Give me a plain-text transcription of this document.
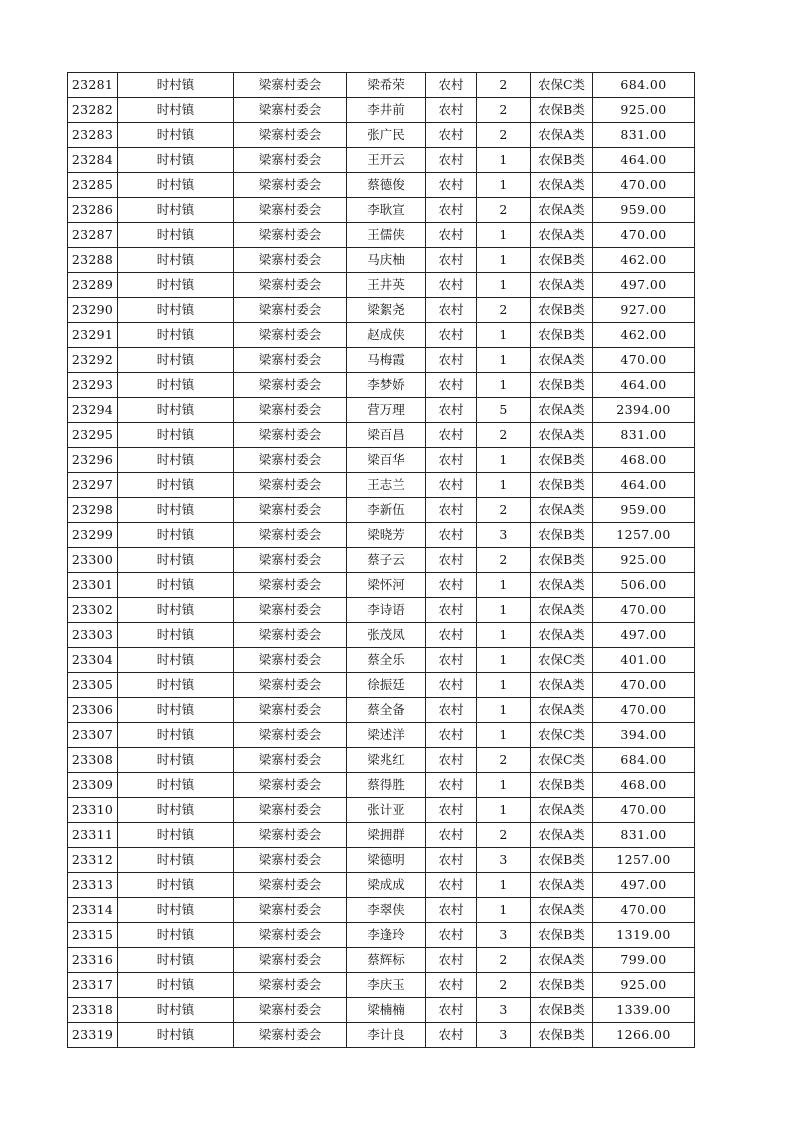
23281	时村镇	梁寨村委会	梁希荣	农村	2	农保C类	684.00
23282	时村镇	梁寨村委会	李井前	农村	2	农保B类	925.00
23283	时村镇	梁寨村委会	张广民	农村	2	农保A类	831.00
23284	时村镇	梁寨村委会	王开云	农村	1	农保B类	464.00
23285	时村镇	梁寨村委会	蔡德俊	农村	1	农保A类	470.00
23286	时村镇	梁寨村委会	李耿宣	农村	2	农保A类	959.00
23287	时村镇	梁寨村委会	王儒侠	农村	1	农保A类	470.00
23288	时村镇	梁寨村委会	马庆柚	农村	1	农保B类	462.00
23289	时村镇	梁寨村委会	王井英	农村	1	农保A类	497.00
23290	时村镇	梁寨村委会	梁絮尧	农村	2	农保B类	927.00
23291	时村镇	梁寨村委会	赵成侠	农村	1	农保B类	462.00
23292	时村镇	梁寨村委会	马梅霞	农村	1	农保A类	470.00
23293	时村镇	梁寨村委会	李梦娇	农村	1	农保B类	464.00
23294	时村镇	梁寨村委会	营万理	农村	5	农保A类	2394.00
23295	时村镇	梁寨村委会	梁百昌	农村	2	农保A类	831.00
23296	时村镇	梁寨村委会	梁百华	农村	1	农保B类	468.00
23297	时村镇	梁寨村委会	王志兰	农村	1	农保B类	464.00
23298	时村镇	梁寨村委会	李新伍	农村	2	农保A类	959.00
23299	时村镇	梁寨村委会	梁晓芳	农村	3	农保B类	1257.00
23300	时村镇	梁寨村委会	蔡子云	农村	2	农保B类	925.00
23301	时村镇	梁寨村委会	梁怀河	农村	1	农保A类	506.00
23302	时村镇	梁寨村委会	李诗语	农村	1	农保A类	470.00
23303	时村镇	梁寨村委会	张茂凤	农村	1	农保A类	497.00
23304	时村镇	梁寨村委会	蔡全乐	农村	1	农保C类	401.00
23305	时村镇	梁寨村委会	徐振廷	农村	1	农保A类	470.00
23306	时村镇	梁寨村委会	蔡全备	农村	1	农保A类	470.00
23307	时村镇	梁寨村委会	梁述洋	农村	1	农保C类	394.00
23308	时村镇	梁寨村委会	梁兆红	农村	2	农保C类	684.00
23309	时村镇	梁寨村委会	蔡得胜	农村	1	农保B类	468.00
23310	时村镇	梁寨村委会	张计亚	农村	1	农保A类	470.00
23311	时村镇	梁寨村委会	梁拥群	农村	2	农保A类	831.00
23312	时村镇	梁寨村委会	梁德明	农村	3	农保B类	1257.00
23313	时村镇	梁寨村委会	梁成成	农村	1	农保A类	497.00
23314	时村镇	梁寨村委会	李翠侠	农村	1	农保A类	470.00
23315	时村镇	梁寨村委会	李逢玲	农村	3	农保B类	1319.00
23316	时村镇	梁寨村委会	蔡辉标	农村	2	农保A类	799.00
23317	时村镇	梁寨村委会	李庆玉	农村	2	农保B类	925.00
23318	时村镇	梁寨村委会	梁楠楠	农村	3	农保B类	1339.00
23319	时村镇	梁寨村委会	李计良	农村	3	农保B类	1266.00
